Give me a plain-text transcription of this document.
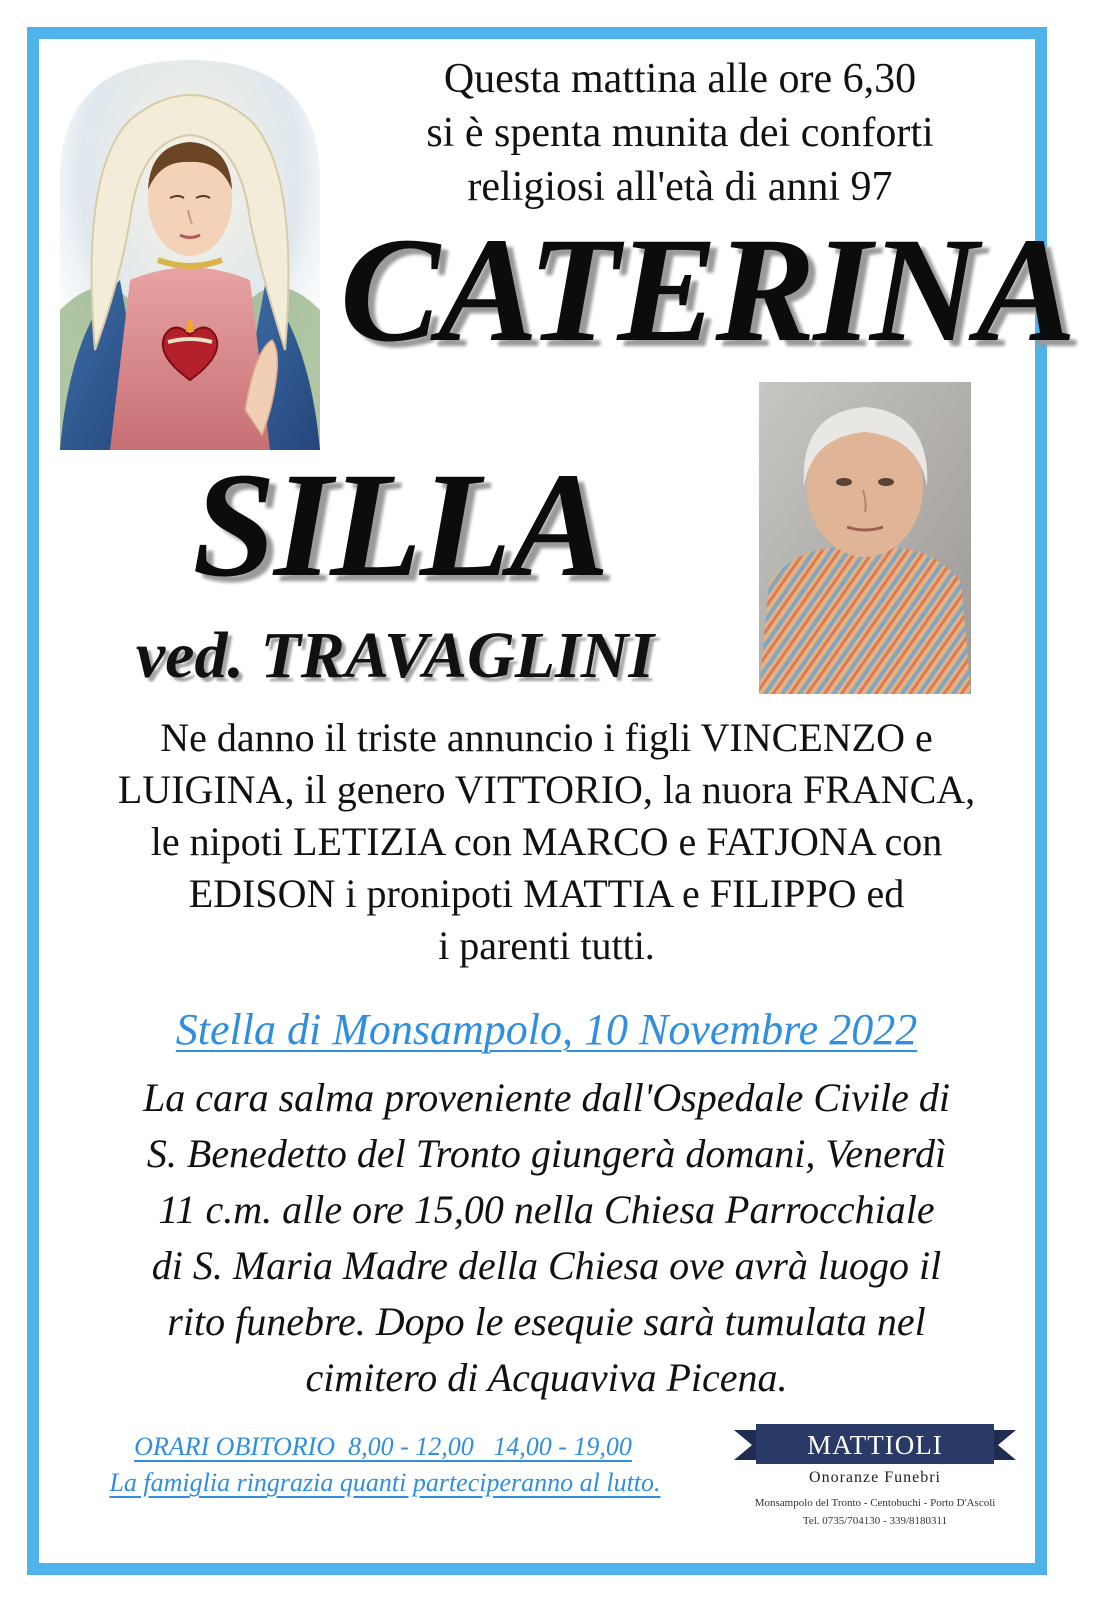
Questa mattina alle ore 6,30
si è spenta munita dei conforti
religiosi all'età di anni 97
CATERINA
SILLA
ved. TRAVAGLINI
Ne danno il triste annuncio i figli VINCENZO e
LUIGINA, il genero VITTORIO, la nuora FRANCA,
le nipoti LETIZIA con MARCO e FATJONA con
EDISON i pronipoti MATTIA e FILIPPO ed
i parenti tutti.
Stella di Monsampolo, 10 Novembre 2022
La cara salma proveniente dall'Ospedale Civile di
S. Benedetto del Tronto giungerà domani, Venerdì
11 c.m. alle ore 15,00 nella Chiesa Parrocchiale
di S. Maria Madre della Chiesa ove avrà luogo il
rito funebre. Dopo le esequie sarà tumulata nel
cimitero di Acquaviva Picena.
ORARI OBITORIO  8,00 - 12,00   14,00 - 19,00
La famiglia ringrazia quanti parteciperanno al lutto.
MATTIOLI
Onoranze Funebri
Monsampolo del Tronto - Centobuchi - Porto D'Ascoli
Tel. 0735/704130 - 339/8180311
